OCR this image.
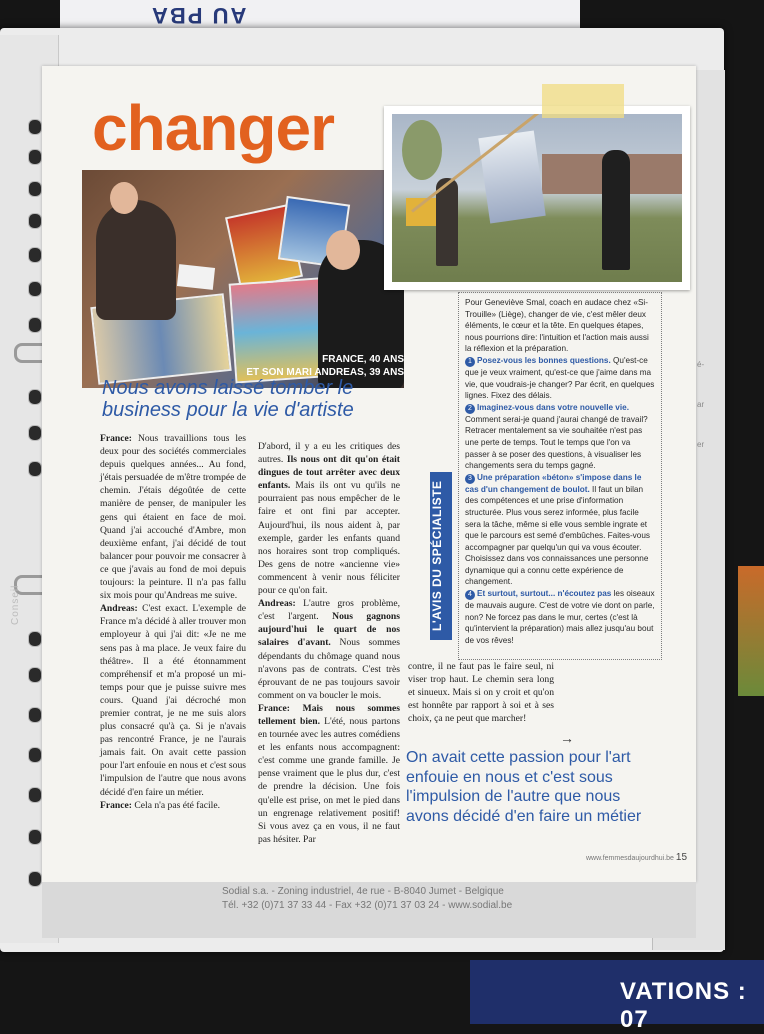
AU PBA

é-

ar

er

Conseil
changer
FRANCE, 40 ANS
ET SON MARI ANDREAS, 39 ANS
Nous avons laissé tomber le business pour la vie d'artiste

France: Nous travaillions tous les deux pour des sociétés commerciales depuis quelques années... Au fond, j'étais persuadée de m'être trompée de chemin. J'étais dégoûtée de cette manière de penser, de manipuler les gens qui étaient en face de moi. Quand j'ai accouché d'Ambre, mon deuxième enfant, j'ai décidé de tout balancer pour pouvoir me consacrer à ce que j'avais au fond de moi depuis toujours: la peinture. Il n'a pas fallu six mois pour qu'Andreas me suive.

Andreas: C'est exact. L'exemple de France m'a décidé à aller trouver mon employeur à qui j'ai dit: «Je ne me sens pas à ma place. Je veux faire du théâtre». Il a été étonnamment compréhensif et m'a proposé un mi-temps pour que je puisse suivre mes cours. Quand j'ai décroché mon premier contrat, je ne me suis alors plus consacré qu'à ça. Si je n'avais pas rencontré France, je ne l'aurais jamais fait. On avait cette passion pour l'art enfouie en nous et c'est sous l'impulsion de l'autre que nous avons décidé d'en faire un métier.

France: Cela n'a pas été facile.

D'abord, il y a eu les critiques des autres. Ils nous ont dit qu'on était dingues de tout arrêter avec deux enfants. Mais ils ont vu qu'ils ne pourraient pas nous empêcher de le faire et ont fini par accepter. Aujourd'hui, ils nous aident à, par exemple, garder les enfants quand nos horaires sont trop compliqués. Des gens de notre «ancienne vie» commencent à venir nous féliciter pour ce qu'on fait.

Andreas: L'autre gros problème, c'est l'argent. Nous gagnons aujourd'hui le quart de nos salaires d'avant. Nous sommes dépendants du chômage quand nous n'avons pas de contrats. C'est très éprouvant de ne pas toujours savoir comment on va boucler le mois.

France: Mais nous sommes tellement bien. L'été, nous partons en tournée avec les autres comédiens et les enfants nous accompagnent: c'est comme une grande famille. Je pense vraiment que le plus dur, c'est de prendre la décision. Une fois qu'elle est prise, on met le pied dans un engrenage relativement positif! Si vous avez ça en vous, il ne faut pas hésiter. Par

L'AVIS DU SPÉCIALISTE

Pour Geneviève Smal, coach en audace chez «Si-Trouille» (Liège), changer de vie, c'est mêler deux éléments, le cœur et la tête. En quelques étapes, nous pourrions dire: l'intuition et l'action mais aussi la réflexion et la préparation.

1 Posez-vous les bonnes questions. Qu'est-ce que je veux vraiment, qu'est-ce que j'aime dans ma vie, que voudrais-je changer? Par écrit, en quelques lignes. Fixez des délais.

2 Imaginez-vous dans votre nouvelle vie. Comment serai-je quand j'aurai changé de travail? Retracer mentalement sa vie souhaitée n'est pas une perte de temps. Tout le temps que l'on va passer à se poser des questions, à visualiser les changements sera du temps gagné.

3 Une préparation «béton» s'impose dans le cas d'un changement de boulot. Il faut un bilan des compétences et une prise d'information structurée. Plus vous serez informée, plus facile sera la tâche, même si elle vous semble ingrate et que le parcours est semé d'embûches. Faites-vous accompagner par quelqu'un qui va vous écouter. Choisissez dans vos connaissances une personne dynamique qui a connu cette expérience de changement.

4 Et surtout, surtout... n'écoutez pas les oiseaux de mauvais augure. C'est de votre vie dont on parle, non? Ne forcez pas dans le mur, certes (c'est là qu'intervient la préparation) mais allez jusqu'au bout de vos rêves!

contre, il ne faut pas le faire seul, ni viser trop haut. Le chemin sera long et sinueux. Mais si on y croit et qu'on est honnête par rapport à soi et à ses choix, ça ne peut que marcher!

→
On avait cette passion pour l'art enfouie en nous et c'est sous l'impulsion de l'autre que nous avons décidé d'en faire un métier
www.femmesdaujourdhui.be 15
Sodial s.a. - Zoning industriel, 4e rue - B-8040 Jumet - Belgique
Tél. +32 (0)71 37 33 44 - Fax +32 (0)71 37 03 24 - www.sodial.be
VATIONS : 07
